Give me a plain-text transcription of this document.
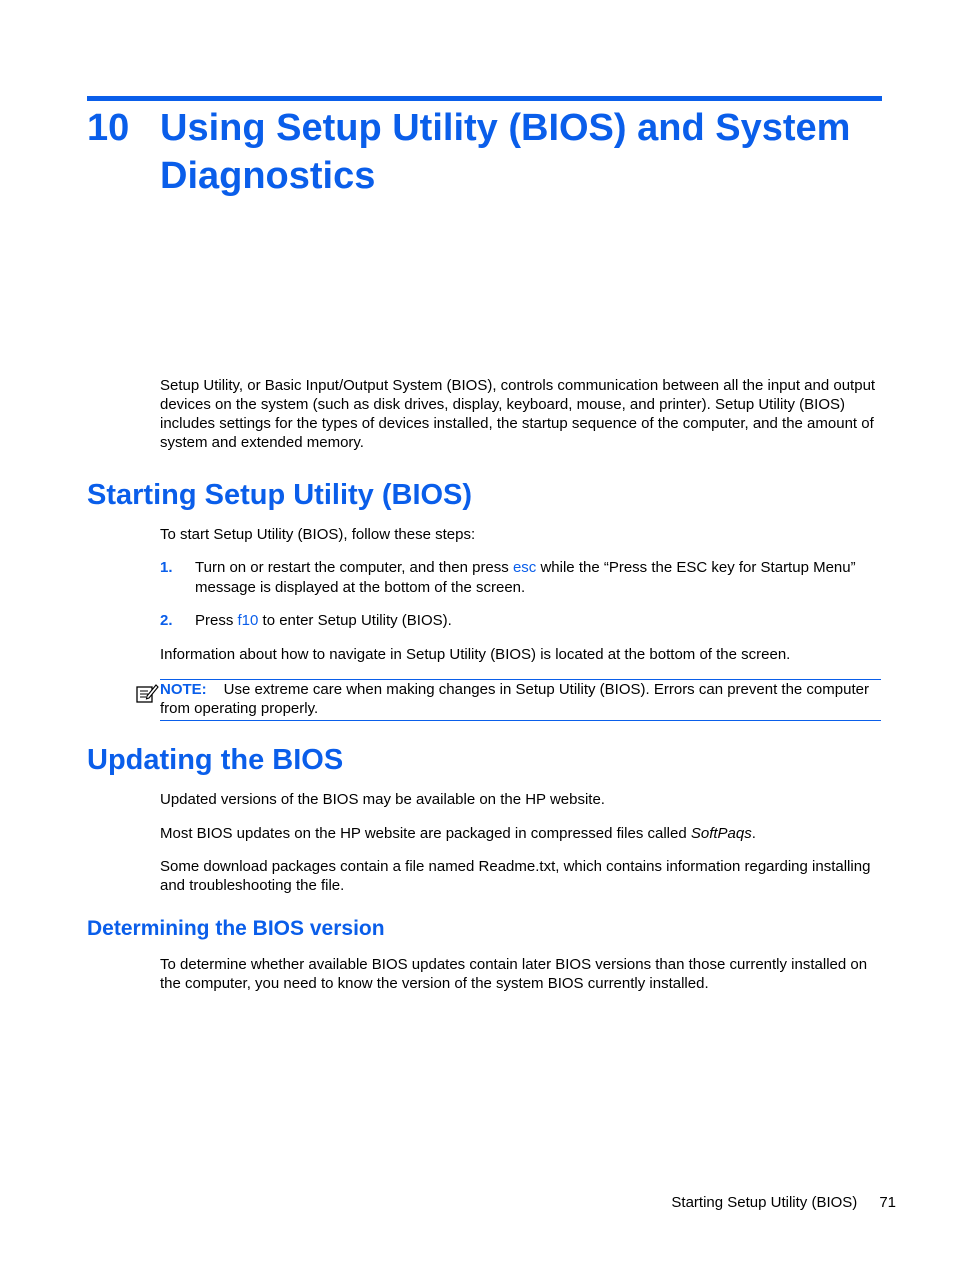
10 Using Setup Utility (BIOS) and System Diagnostics
Setup Utility, or Basic Input/Output System (BIOS), controls communication between all the input and output devices on the system (such as disk drives, display, keyboard, mouse, and printer). Setup Utility (BIOS) includes settings for the types of devices installed, the startup sequence of the computer, and the amount of system and extended memory.
Starting Setup Utility (BIOS)
To start Setup Utility (BIOS), follow these steps:
1. Turn on or restart the computer, and then press esc while the “Press the ESC key for Startup Menu” message is displayed at the bottom of the screen.
2. Press f10 to enter Setup Utility (BIOS).
Information about how to navigate in Setup Utility (BIOS) is located at the bottom of the screen.
NOTE: Use extreme care when making changes in Setup Utility (BIOS). Errors can prevent the computer from operating properly.
Updating the BIOS
Updated versions of the BIOS may be available on the HP website.
Most BIOS updates on the HP website are packaged in compressed files called SoftPaqs.
Some download packages contain a file named Readme.txt, which contains information regarding installing and troubleshooting the file.
Determining the BIOS version
To determine whether available BIOS updates contain later BIOS versions than those currently installed on the computer, you need to know the version of the system BIOS currently installed.
Starting Setup Utility (BIOS) 71
